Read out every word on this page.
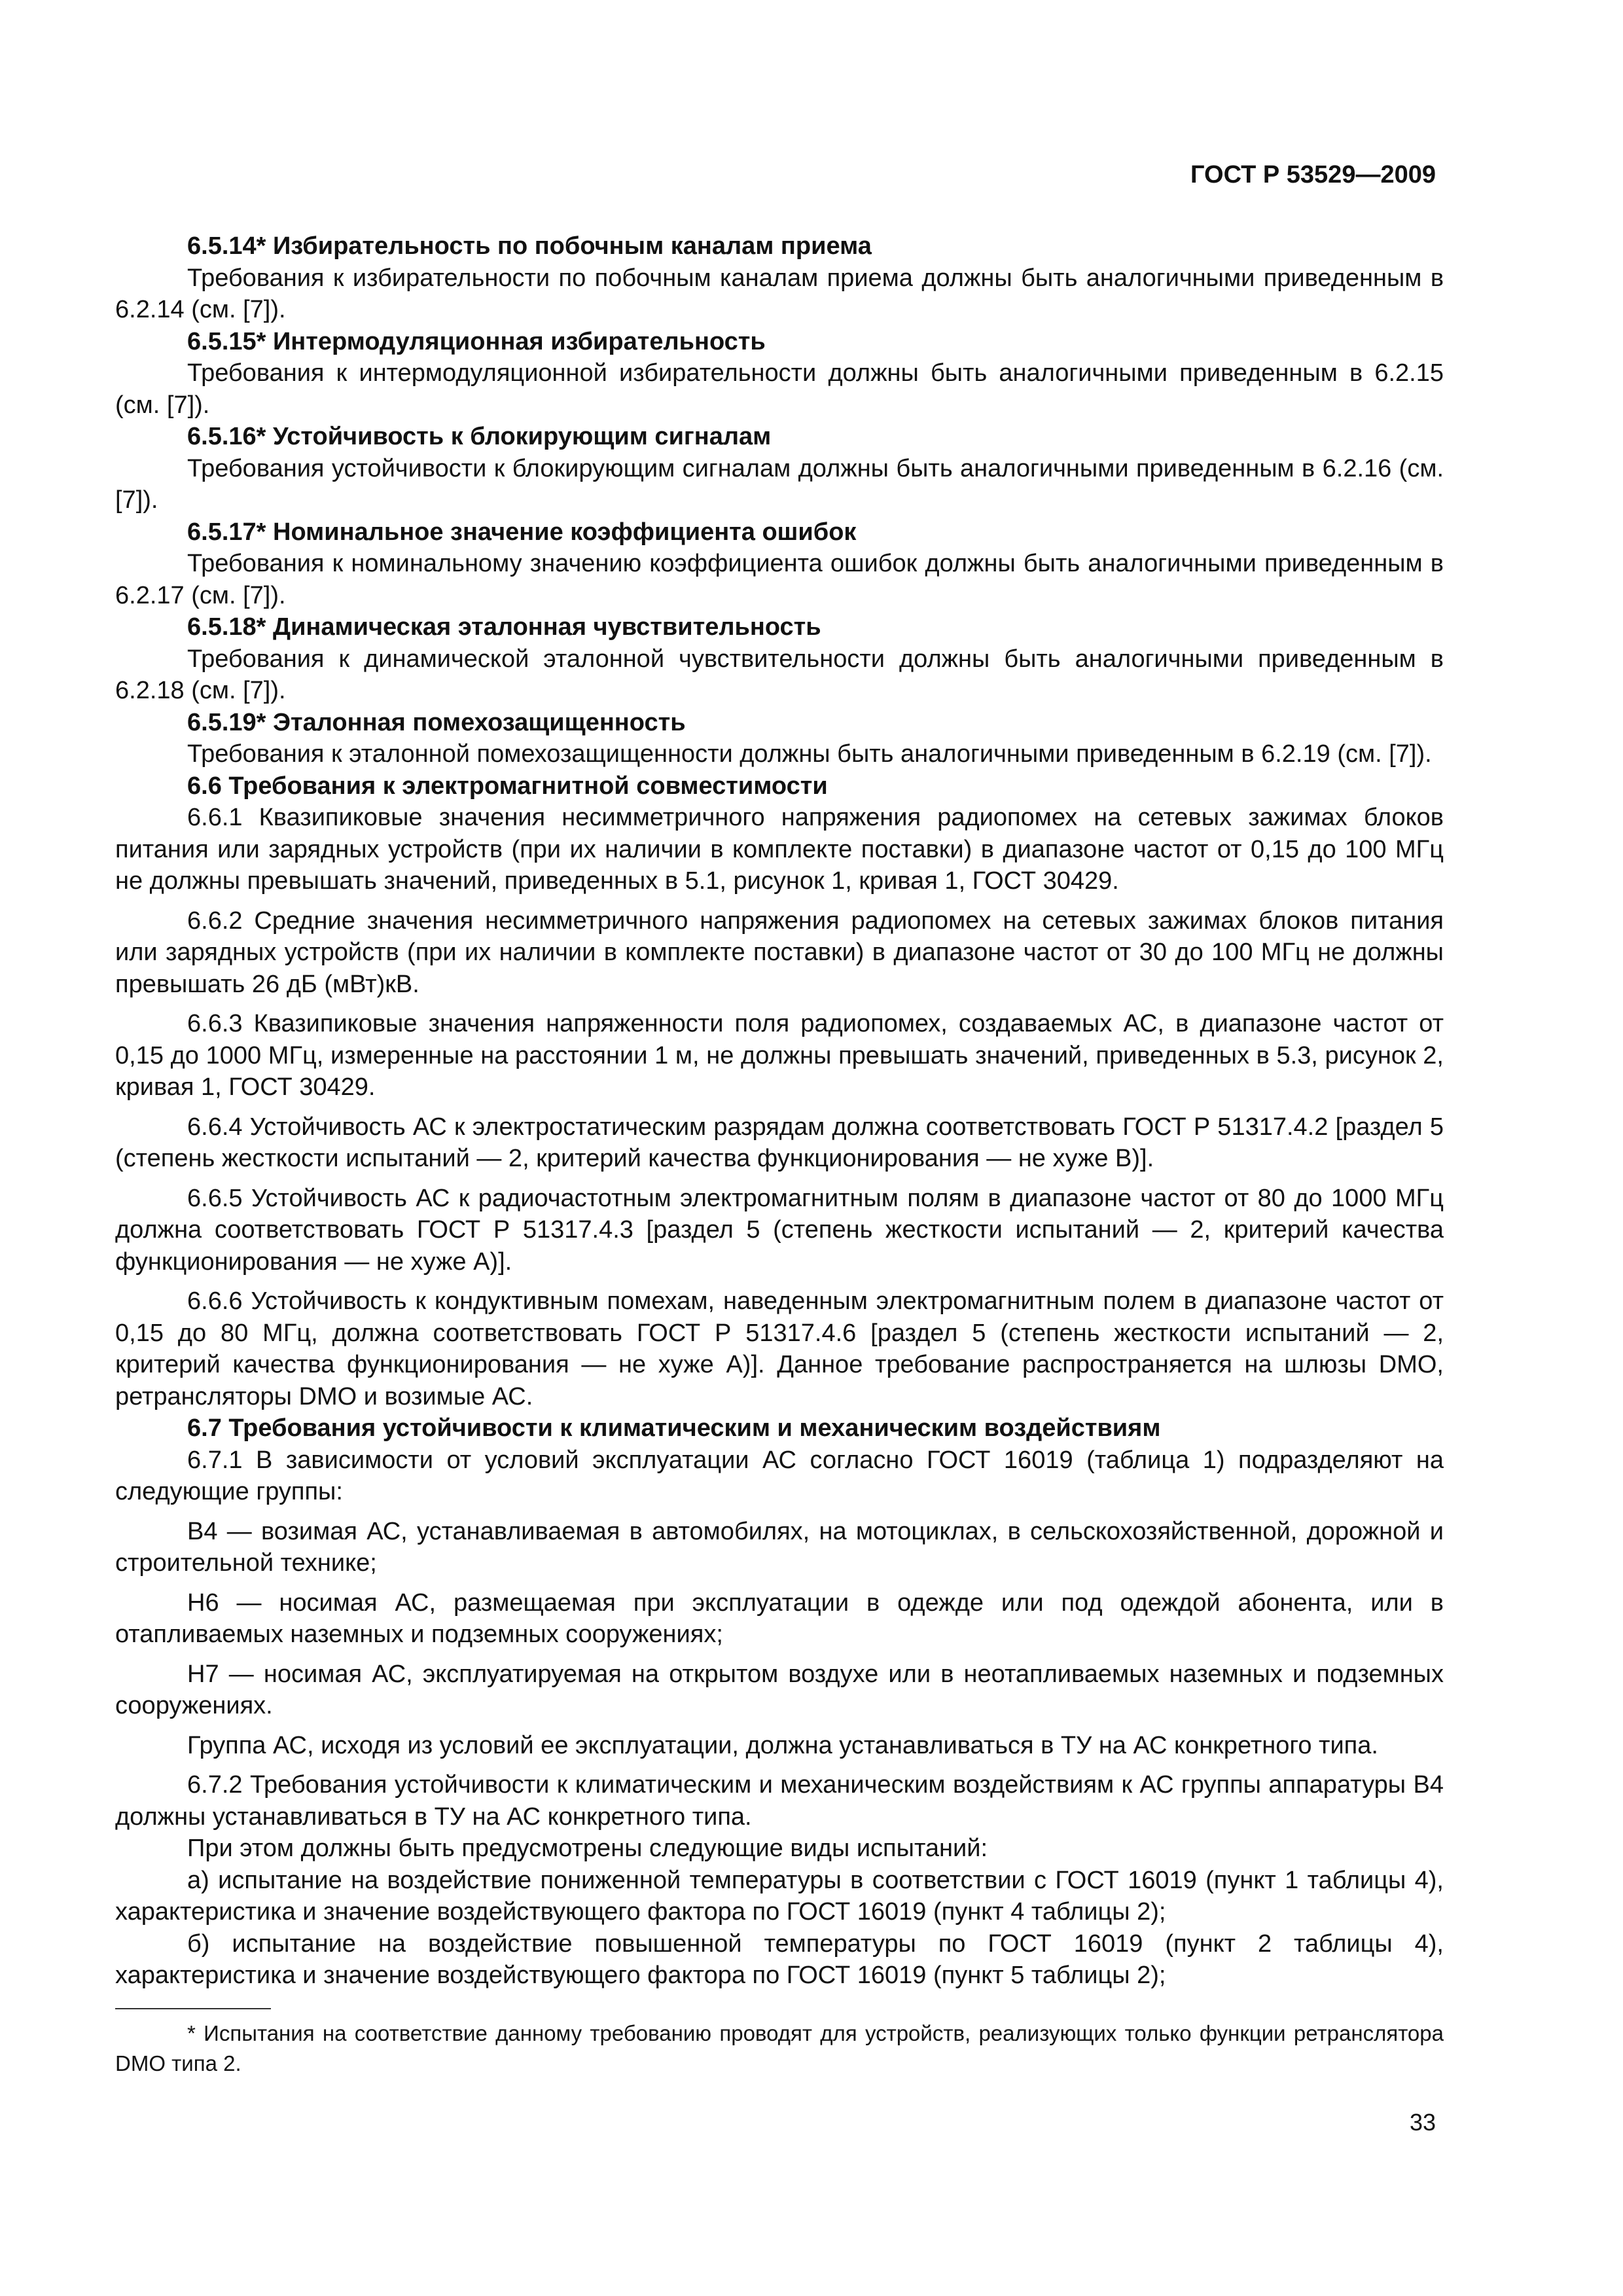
ГОСТ Р 53529—2009

6.5.14* Избирательность по побочным каналам приема

Требования к избирательности по побочным каналам приема должны быть аналогичными приведенным в 6.2.14 (см. [7]).

6.5.15* Интермодуляционная избирательность

Требования к интермодуляционной избирательности должны быть аналогичными приведенным в 6.2.15 (см. [7]).

6.5.16* Устойчивость к блокирующим сигналам

Требования устойчивости к блокирующим сигналам должны быть аналогичными приведенным в 6.2.16 (см. [7]).

6.5.17* Номинальное значение коэффициента ошибок

Требования к номинальному значению коэффициента ошибок должны быть аналогичными приведенным в 6.2.17 (см. [7]).

6.5.18* Динамическая эталонная чувствительность

Требования к динамической эталонной чувствительности должны быть аналогичными приведенным в 6.2.18 (см. [7]).

6.5.19* Эталонная помехозащищенность

Требования к эталонной помехозащищенности должны быть аналогичными приведенным в 6.2.19 (см. [7]).

6.6 Требования к электромагнитной совместимости

6.6.1 Квазипиковые значения несимметричного напряжения радиопомех на сетевых зажимах блоков питания или зарядных устройств (при их наличии в комплекте поставки) в диапазоне частот от 0,15 до 100 МГц не должны превышать значений, приведенных в 5.1, рисунок 1, кривая 1, ГОСТ 30429.

6.6.2 Средние значения несимметричного напряжения радиопомех на сетевых зажимах блоков питания или зарядных устройств (при их наличии в комплекте поставки) в диапазоне частот от 30 до 100 МГц не должны превышать 26 дБ (мВт)кВ.

6.6.3 Квазипиковые значения напряженности поля радиопомех, создаваемых АС, в диапазоне частот от 0,15 до 1000 МГц, измеренные на расстоянии 1 м, не должны превышать значений, приведенных в 5.3, рисунок 2, кривая 1, ГОСТ 30429.

6.6.4 Устойчивость АС к электростатическим разрядам должна соответствовать ГОСТ Р 51317.4.2 [раздел 5 (степень жесткости испытаний — 2, критерий качества функционирования — не хуже В)].

6.6.5 Устойчивость АС к радиочастотным электромагнитным полям в диапазоне частот от 80 до 1000 МГц должна соответствовать ГОСТ Р 51317.4.3 [раздел 5 (степень жесткости испытаний — 2, критерий качества функционирования — не хуже А)].

6.6.6 Устойчивость к кондуктивным помехам, наведенным электромагнитным полем в диапазоне частот от 0,15 до 80 МГц, должна соответствовать ГОСТ Р 51317.4.6 [раздел 5 (степень жесткости испытаний — 2, критерий качества функционирования — не хуже А)]. Данное требование распространяется на шлюзы DMO, ретрансляторы DMO и возимые АС.

6.7 Требования устойчивости к климатическим и механическим воздействиям

6.7.1 В зависимости от условий эксплуатации АС согласно ГОСТ 16019 (таблица 1) подразделяют на следующие группы:

В4 — возимая АС, устанавливаемая в автомобилях, на мотоциклах, в сельскохозяйственной, дорожной и строительной технике;

Н6 — носимая АС, размещаемая при эксплуатации в одежде или под одеждой абонента, или в отапливаемых наземных и подземных сооружениях;

Н7 — носимая АС, эксплуатируемая на открытом воздухе или в неотапливаемых наземных и подземных сооружениях.

Группа АС, исходя из условий ее эксплуатации, должна устанавливаться в ТУ на АС конкретного типа.

6.7.2 Требования устойчивости к климатическим и механическим воздействиям к АС группы аппаратуры В4 должны устанавливаться в ТУ на АС конкретного типа.

При этом должны быть предусмотрены следующие виды испытаний:

а) испытание на воздействие пониженной температуры в соответствии с ГОСТ 16019 (пункт 1 таблицы 4), характеристика и значение воздействующего фактора по ГОСТ 16019 (пункт 4 таблицы 2);

б) испытание на воздействие повышенной температуры по ГОСТ 16019 (пункт 2 таблицы 4), характеристика и значение воздействующего фактора по ГОСТ 16019 (пункт 5 таблицы 2);

* Испытания на соответствие данному требованию проводят для устройств, реализующих только функции ретранслятора DMO типа 2.
33
